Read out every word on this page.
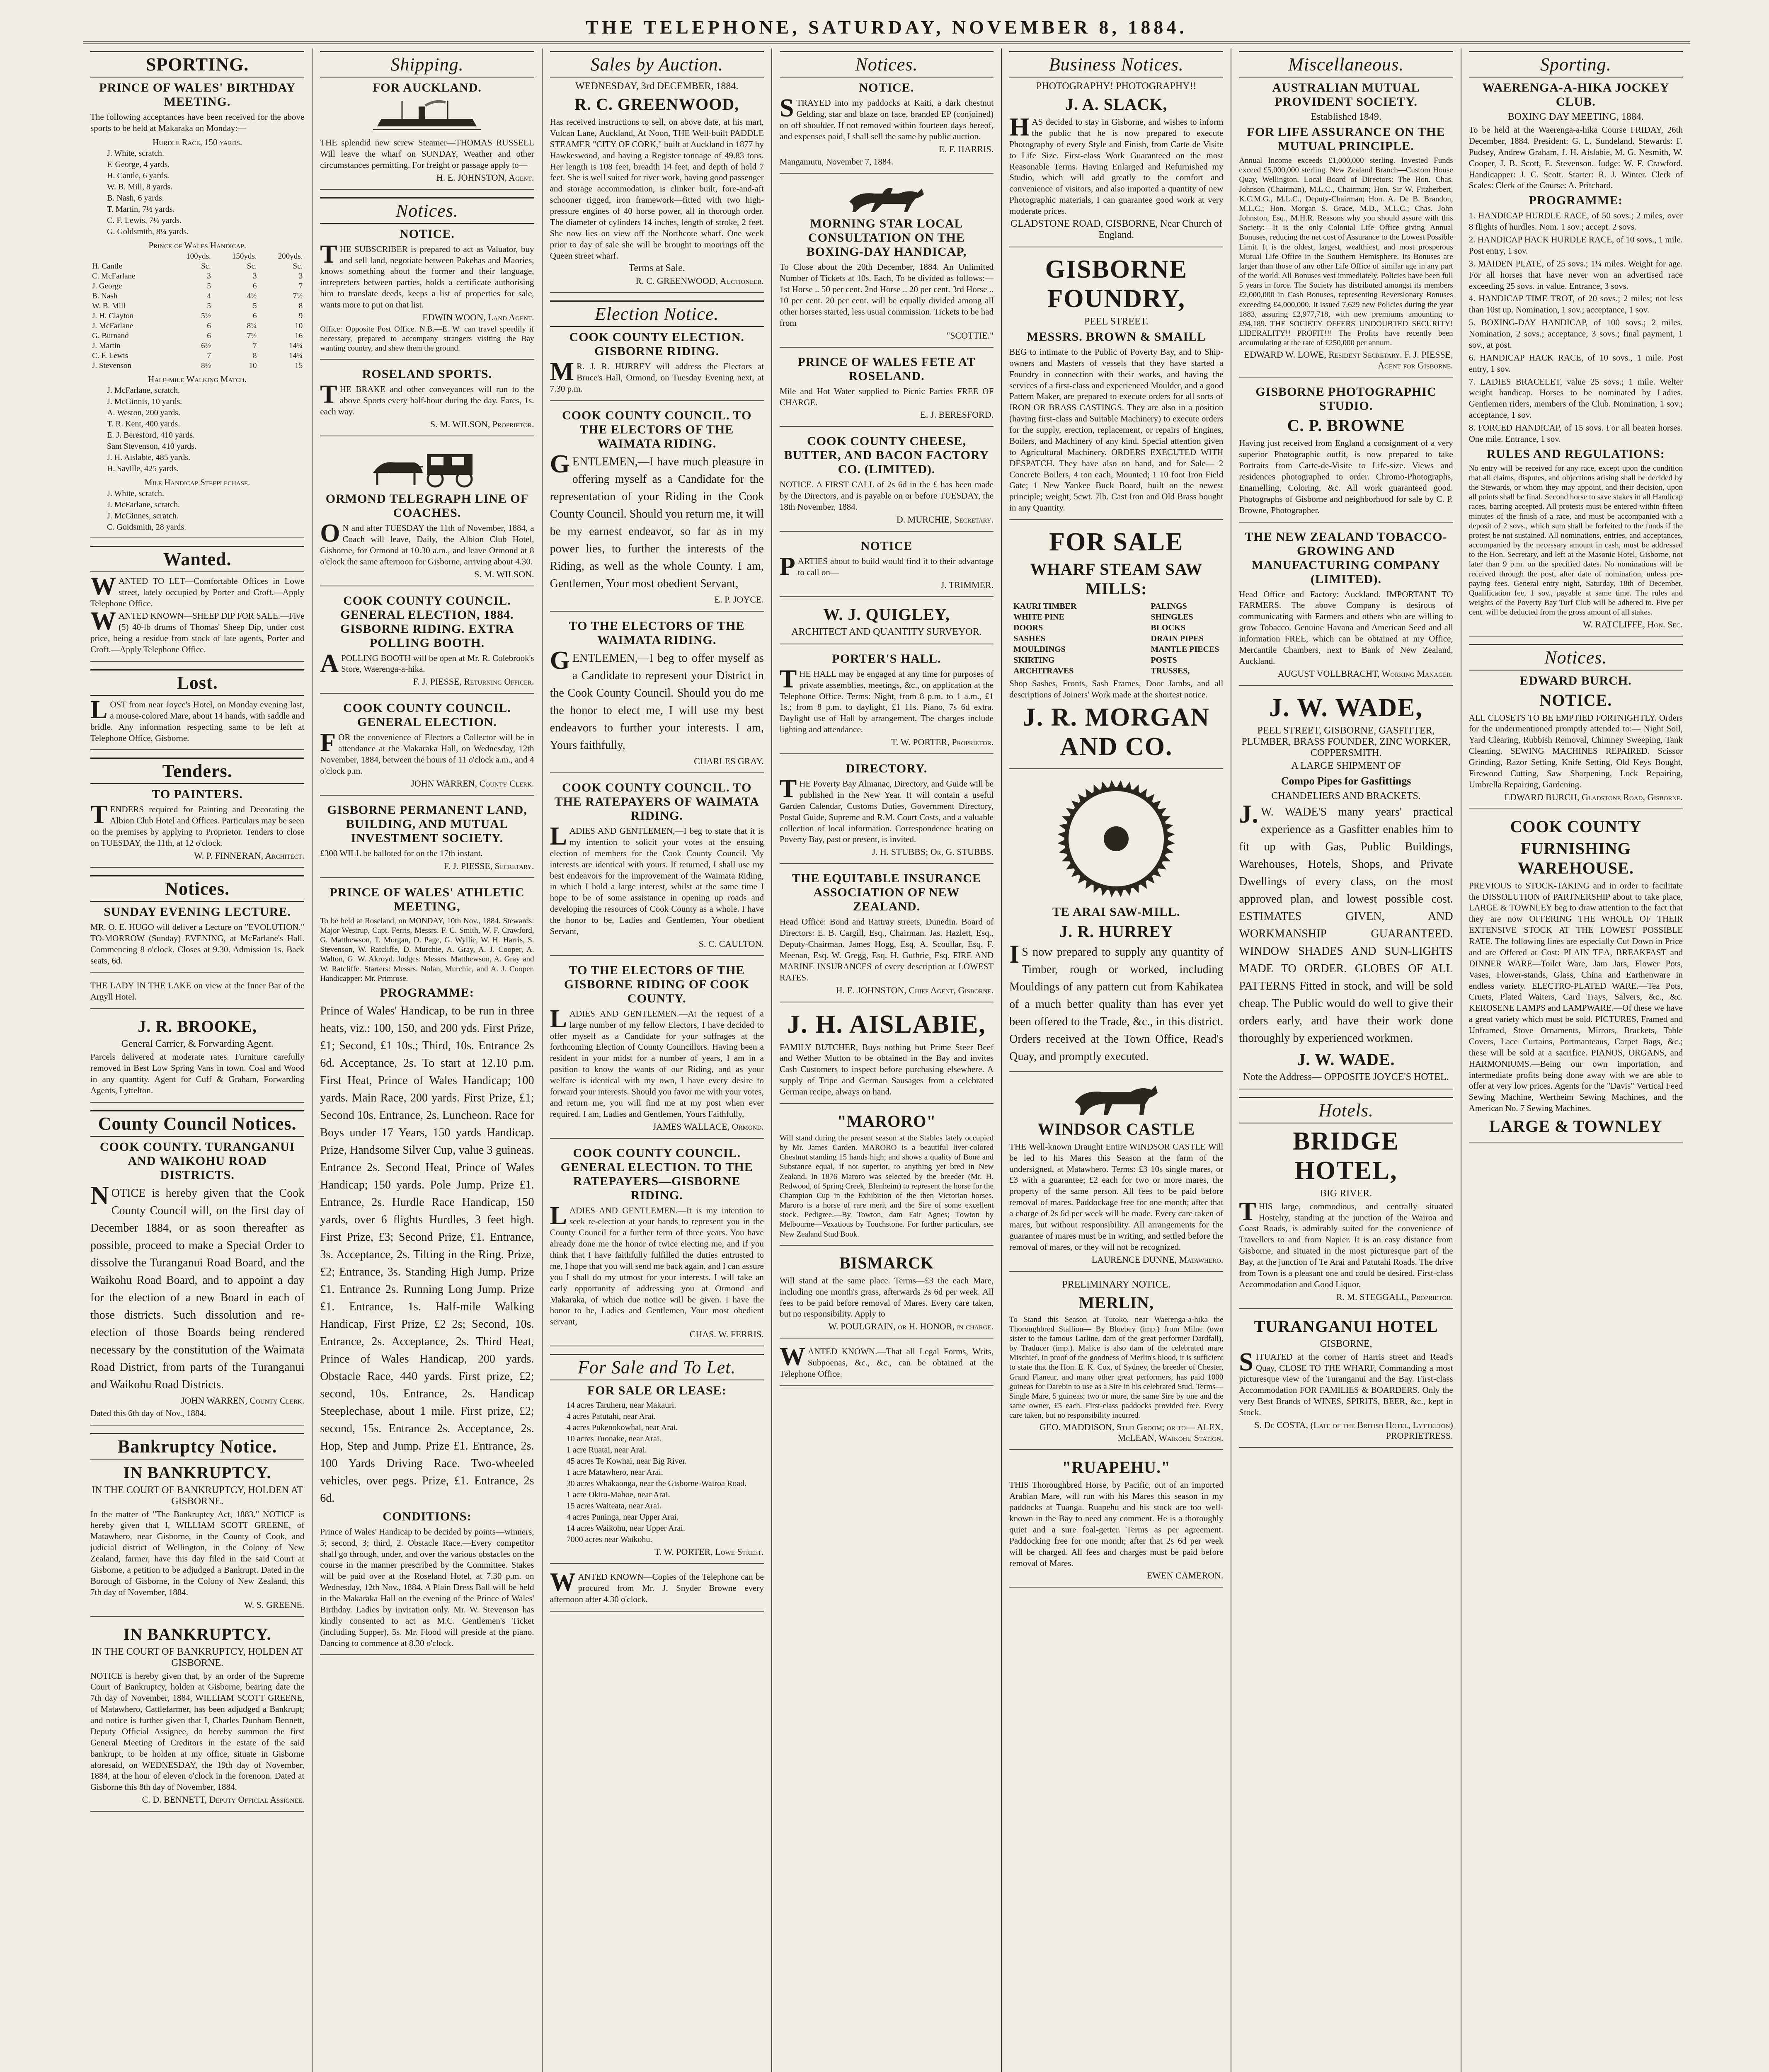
THE TELEPHONE, SATURDAY, NOVEMBER 8, 1884.
SPORTING.
PRINCE OF WALES' BIRTHDAY MEETING.
The following acceptances have been received for the above sports to be held at Makaraka on Monday:—
Hurdle Race, 150 yards.
J. White, scratch.
F. George, 4 yards.
H. Cantle, 6 yards.
W. B. Mill, 8 yards.
B. Nash, 6 yards.
T. Martin, 7½ yards.
C. F. Lewis, 7½ yards.
G. Goldsmith, 8¼ yards.
Prince of Wales Handicap.
	100yds.	150yds.	200yds.
H. Cantle	Sc.	Sc.	Sc.
C. McFarlane	3	3	3
J. George	5	6	7
B. Nash	4	4½	7½
W. B. Mill	5	5	8
J. H. Clayton	5½	6	9
J. McFarlane	6	8¼	10
G. Burnand	6	7½	16
J. Martin	6½	7	14¼
C. F. Lewis	7	8	14¼
J. Stevenson	8½	10	15
Half-mile Walking Match.
J. McFarlane, scratch.
J. McGinnis, 10 yards.
A. Weston, 200 yards.
T. R. Kent, 400 yards.
E. J. Beresford, 410 yards.
Sam Stevenson, 410 yards.
J. H. Aislabie, 485 yards.
H. Saville, 425 yards.
Mile Handicap Steeplechase.
J. White, scratch.
J. McFarlane, scratch.
J. McGinnes, scratch.
C. Goldsmith, 28 yards.
Wanted.
WANTED TO LET—Comfortable Offices in Lowe street, lately occupied by Porter and Croft.—Apply Telephone Office.
WANTED KNOWN—SHEEP DIP FOR SALE.—Five (5) 40-lb drums of Thomas' Sheep Dip, under cost price, being a residue from stock of late agents, Porter and Croft.—Apply Telephone Office.
Lost.
LOST from near Joyce's Hotel, on Monday evening last, a mouse-colored Mare, about 14 hands, with saddle and bridle. Any information respecting same to be left at Telephone Office, Gisborne.
Tenders.
TO PAINTERS.
TENDERS required for Painting and Decorating the Albion Club Hotel and Offices. Particulars may be seen on the premises by applying to Proprietor. Tenders to close on TUESDAY, the 11th, at 12 o'clock.
W. P. FINNERAN, Architect.
Notices.
SUNDAY EVENING LECTURE.
MR. O. E. HUGO will deliver a Lecture on "EVOLUTION." TO-MORROW (Sunday) EVENING, at McFarlane's Hall. Commencing 8 o'clock. Closes at 9.30. Admission 1s. Back seats, 6d.
THE LADY IN THE LAKE on view at the Inner Bar of the Argyll Hotel.
J. R. BROOKE,
General Carrier, & Forwarding Agent.
Parcels delivered at moderate rates. Furniture carefully removed in Best Low Spring Vans in town. Coal and Wood in any quantity. Agent for Cuff & Graham, Forwarding Agents, Lyttelton.
County Council Notices.
COOK COUNTY. TURANGANUI AND WAIKOHU ROAD DISTRICTS.
NOTICE is hereby given that the Cook County Council will, on the first day of December 1884, or as soon thereafter as possible, proceed to make a Special Order to dissolve the Turanganui Road Board, and the Waikohu Road Board, and to appoint a day for the election of a new Board in each of those districts. Such dissolution and re-election of those Boards being rendered necessary by the constitution of the Waimata Road District, from parts of the Turanganui and Waikohu Road Districts.
JOHN WARREN, County Clerk.
Dated this 6th day of Nov., 1884.
Bankruptcy Notice.
IN BANKRUPTCY.
IN THE COURT OF BANKRUPTCY, HOLDEN AT GISBORNE.
In the matter of "The Bankruptcy Act, 1883." NOTICE is hereby given that I, WILLIAM SCOTT GREENE, of Matawhero, near Gisborne, in the County of Cook, and judicial district of Wellington, in the Colony of New Zealand, farmer, have this day filed in the said Court at Gisborne, a petition to be adjudged a Bankrupt. Dated in the Borough of Gisborne, in the Colony of New Zealand, this 7th day of November, 1884.
W. S. GREENE.
IN BANKRUPTCY.
IN THE COURT OF BANKRUPTCY, HOLDEN AT GISBORNE.
NOTICE is hereby given that, by an order of the Supreme Court of Bankruptcy, holden at Gisborne, bearing date the 7th day of November, 1884, WILLIAM SCOTT GREENE, of Matawhero, Cattlefarmer, has been adjudged a Bankrupt; and notice is further given that I, Charles Dunham Bennett, Deputy Official Assignee, do hereby summon the first General Meeting of Creditors in the estate of the said bankrupt, to be holden at my office, situate in Gisborne aforesaid, on WEDNESDAY, the 19th day of November, 1884, at the hour of eleven o'clock in the forenoon. Dated at Gisborne this 8th day of November, 1884.
C. D. BENNETT, Deputy Official Assignee.
Shipping.
FOR AUCKLAND.
THE splendid new screw Steamer—THOMAS RUSSELL Will leave the wharf on SUNDAY, Weather and other circumstances permitting. For freight or passage apply to—
H. E. JOHNSTON, Agent.
Notices.
NOTICE.
THE SUBSCRIBER is prepared to act as Valuator, buy and sell land, negotiate between Pakehas and Maories, knows something about the former and their language, intrepreters between parties, holds a certificate authorising him to translate deeds, keeps a list of properties for sale, wants more to put on that list.
EDWIN WOON, Land Agent.
Office: Opposite Post Office. N.B.—E. W. can travel speedily if necessary, prepared to accompany strangers visiting the Bay wanting country, and shew them the ground.
ROSELAND SPORTS.
THE BRAKE and other conveyances will run to the above Sports every half-hour during the day. Fares, 1s. each way.
S. M. WILSON, Proprietor.
ORMOND TELEGRAPH LINE OF COACHES.
ON and after TUESDAY the 11th of November, 1884, a Coach will leave, Daily, the Albion Club Hotel, Gisborne, for Ormond at 10.30 a.m., and leave Ormond at 8 o'clock the same afternoon for Gisborne, arriving about 4.30.
S. M. WILSON.
COOK COUNTY COUNCIL. GENERAL ELECTION, 1884. GISBORNE RIDING. EXTRA POLLING BOOTH.
APOLLING BOOTH will be open at Mr. R. Colebrook's Store, Waerenga-a-hika.
F. J. PIESSE, Returning Officer.
COOK COUNTY COUNCIL. GENERAL ELECTION.
FOR the convenience of Electors a Collector will be in attendance at the Makaraka Hall, on Wednesday, 12th November, 1884, between the hours of 11 o'clock a.m., and 4 o'clock p.m.
JOHN WARREN, County Clerk.
GISBORNE PERMANENT LAND, BUILDING, AND MUTUAL INVESTMENT SOCIETY.
£300 WILL be balloted for on the 17th instant.
F. J. PIESSE, Secretary.
PRINCE OF WALES' ATHLETIC MEETING,
To be held at Roseland, on MONDAY, 10th Nov., 1884. Stewards: Major Westrup, Capt. Ferris, Messrs. F. C. Smith, W. F. Crawford, G. Matthewson, T. Morgan, D. Page, G. Wyllie, W. H. Harris, S. Stevenson, W. Ratcliffe, D. Murchie, A. Gray, A. J. Cooper, A. Walton, G. W. Akroyd. Judges: Messrs. Matthewson, A. Gray and W. Ratcliffe. Starters: Messrs. Nolan, Murchie, and A. J. Cooper. Handicapper: Mr. Primrose.
PROGRAMME:
Prince of Wales' Handicap, to be run in three heats, viz.: 100, 150, and 200 yds. First Prize, £1; Second, £1 10s.; Third, 10s. Entrance 2s 6d. Acceptance, 2s. To start at 12.10 p.m. First Heat, Prince of Wales Handicap; 100 yards. Main Race, 200 yards. First Prize, £1; Second 10s. Entrance, 2s. Luncheon. Race for Boys under 17 Years, 150 yards Handicap. Prize, Handsome Silver Cup, value 3 guineas. Entrance 2s. Second Heat, Prince of Wales Handicap; 150 yards. Pole Jump. Prize £1. Entrance, 2s. Hurdle Race Handicap, 150 yards, over 6 flights Hurdles, 3 feet high. First Prize, £3; Second Prize, £1. Entrance, 3s. Acceptance, 2s. Tilting in the Ring. Prize, £2; Entrance, 3s. Standing High Jump. Prize £1. Entrance 2s. Running Long Jump. Prize £1. Entrance, 1s. Half-mile Walking Handicap, First Prize, £2 2s; Second, 10s. Entrance, 2s. Acceptance, 2s. Third Heat, Prince of Wales Handicap, 200 yards. Obstacle Race, 440 yards. First prize, £2; second, 10s. Entrance, 2s. Handicap Steeplechase, about 1 mile. First prize, £2; second, 15s. Entrance 2s. Acceptance, 2s. Hop, Step and Jump. Prize £1. Entrance, 2s. 100 Yards Driving Race. Two-wheeled vehicles, over pegs. Prize, £1. Entrance, 2s 6d.
CONDITIONS:
Prince of Wales' Handicap to be decided by points—winners, 5; second, 3; third, 2. Obstacle Race.—Every competitor shall go through, under, and over the various obstacles on the course in the manner prescribed by the Committee. Stakes will be paid over at the Roseland Hotel, at 7.30 p.m. on Wednesday, 12th Nov., 1884. A Plain Dress Ball will be held in the Makaraka Hall on the evening of the Prince of Wales' Birthday. Ladies by invitation only. Mr. W. Stevenson has kindly consented to act as M.C. Gentlemen's Ticket (including Supper), 5s. Mr. Flood will preside at the piano. Dancing to commence at 8.30 o'clock.
Sales by Auction.
WEDNESDAY, 3rd DECEMBER, 1884.
R. C. GREENWOOD,
Has received instructions to sell, on above date, at his mart, Vulcan Lane, Auckland, At Noon, THE Well-built PADDLE STEAMER "CITY OF CORK," built at Auckland in 1877 by Hawkeswood, and having a Register tonnage of 49.83 tons. Her length is 108 feet, breadth 14 feet, and depth of hold 7 feet. She is well suited for river work, having good passenger and storage accommodation, is clinker built, fore-and-aft schooner rigged, iron framework—fitted with two high-pressure engines of 40 horse power, all in thorough order. The diameter of cylinders 14 inches, length of stroke, 2 feet. She now lies on view off the Northcote wharf. One week prior to day of sale she will be brought to moorings off the Queen street wharf.
Terms at Sale.
R. C. GREENWOOD, Auctioneer.
Election Notice.
COOK COUNTY ELECTION. GISBORNE RIDING.
MR. J. R. HURREY will address the Electors at Bruce's Hall, Ormond, on Tuesday Evening next, at 7.30 p.m.
COOK COUNTY COUNCIL. TO THE ELECTORS OF THE WAIMATA RIDING.
GENTLEMEN,—I have much pleasure in offering myself as a Candidate for the representation of your Riding in the Cook County Council. Should you return me, it will be my earnest endeavor, so far as in my power lies, to further the interests of the Riding, as well as the whole County. I am, Gentlemen, Your most obedient Servant,
E. P. JOYCE.
TO THE ELECTORS OF THE WAIMATA RIDING.
GENTLEMEN,—I beg to offer myself as a Candidate to represent your District in the Cook County Council. Should you do me the honor to elect me, I will use my best endeavors to further your interests. I am, Yours faithfully,
CHARLES GRAY.
COOK COUNTY COUNCIL. TO THE RATEPAYERS OF WAIMATA RIDING.
LADIES AND GENTLEMEN,—I beg to state that it is my intention to solicit your votes at the ensuing election of members for the Cook County Council. My interests are identical with yours. If returned, I shall use my best endeavors for the improvement of the Waimata Riding, in which I hold a large interest, whilst at the same time I hope to be of some assistance in opening up roads and developing the resources of Cook County as a whole. I have the honor to be, Ladies and Gentlemen, Your obedient Servant,
S. C. CAULTON.
TO THE ELECTORS OF THE GISBORNE RIDING OF COOK COUNTY.
LADIES AND GENTLEMEN.—At the request of a large number of my fellow Electors, I have decided to offer myself as a Candidate for your suffrages at the forthcoming Election of County Councillors. Having been a resident in your midst for a number of years, I am in a position to know the wants of our Riding, and as your welfare is identical with my own, I have every desire to forward your interests. Should you favor me with your votes, and return me, you will find me at my post when ever required. I am, Ladies and Gentlemen, Yours Faithfully,
JAMES WALLACE, Ormond.
COOK COUNTY COUNCIL. GENERAL ELECTION. TO THE RATEPAYERS—GISBORNE RIDING.
LADIES AND GENTLEMEN.—It is my intention to seek re-election at your hands to represent you in the County Council for a further term of three years. You have already done me the honor of twice electing me, and if you think that I have faithfully fulfilled the duties entrusted to me, I hope that you will send me back again, and I can assure you I shall do my utmost for your interests. I will take an early opportunity of addressing you at Ormond and Makaraka, of which due notice will be given. I have the honor to be, Ladies and Gentlemen, Your most obedient servant,
CHAS. W. FERRIS.
For Sale and To Let.
FOR SALE OR LEASE:
14 acres Taruheru, near Makauri.
4 acres Patutahi, near Arai.
4 acres Pukenokowhai, near Arai.
10 acres Tuonake, near Arai.
1 acre Ruatai, near Arai.
45 acres Te Kowhai, near Big River.
1 acre Matawhero, near Arai.
30 acres Whakaonga, near the Gisborne-Wairoa Road.
1 acre Okitu-Mahoe, near Arai.
15 acres Waiteata, near Arai.
4 acres Puninga, near Upper Arai.
14 acres Waikohu, near Upper Arai.
7000 acres near Waikohu.
T. W. PORTER, Lowe Street.
WANTED KNOWN—Copies of the Telephone can be procured from Mr. J. Snyder Browne every afternoon after 4.30 o'clock.
Notices.
NOTICE.
STRAYED into my paddocks at Kaiti, a dark chestnut Gelding, star and blaze on face, branded EP (conjoined) on off shoulder. If not removed within fourteen days hereof, and expenses paid, I shall sell the same by public auction.
E. F. HARRIS.
Mangamutu, November 7, 1884.
MORNING STAR LOCAL CONSULTATION ON THE BOXING-DAY HANDICAP,
To Close about the 20th December, 1884. An Unlimited Number of Tickets at 10s. Each, To be divided as follows:— 1st Horse .. 50 per cent. 2nd Horse .. 20 per cent. 3rd Horse .. 10 per cent. 20 per cent. will be equally divided among all other horses started, less usual commission. Tickets to be had from
"SCOTTIE."
PRINCE OF WALES FETE AT ROSELAND.
Mile and Hot Water supplied to Picnic Parties FREE OF CHARGE.
E. J. BERESFORD.
COOK COUNTY CHEESE, BUTTER, AND BACON FACTORY CO. (LIMITED).
NOTICE. A FIRST CALL of 2s 6d in the £ has been made by the Directors, and is payable on or before TUESDAY, the 18th November, 1884.
D. MURCHIE, Secretary.
NOTICE
PARTIES about to build would find it to their advantage to call on—
J. TRIMMER.
W. J. QUIGLEY,
ARCHITECT AND QUANTITY SURVEYOR.
PORTER'S HALL.
THE HALL may be engaged at any time for purposes of private assemblies, meetings, &c., on application at the Telephone Office. Terms: Night, from 8 p.m. to 1 a.m., £1 1s.; from 8 p.m. to daylight, £1 11s. Piano, 7s 6d extra. Daylight use of Hall by arrangement. The charges include lighting and attendance.
T. W. PORTER, Proprietor.
DIRECTORY.
THE Poverty Bay Almanac, Directory, and Guide will be published in the New Year. It will contain a useful Garden Calendar, Customs Duties, Government Directory, Postal Guide, Supreme and R.M. Court Costs, and a valuable collection of local information. Correspondence bearing on Poverty Bay, past or present, is invited.
J. H. STUBBS; Or, G. STUBBS.
THE EQUITABLE INSURANCE ASSOCIATION OF NEW ZEALAND.
Head Office: Bond and Rattray streets, Dunedin. Board of Directors: E. B. Cargill, Esq., Chairman. Jas. Hazlett, Esq., Deputy-Chairman. James Hogg, Esq. A. Scoullar, Esq. F. Meenan, Esq. W. Gregg, Esq. H. Guthrie, Esq. FIRE AND MARINE INSURANCES of every description at LOWEST RATES.
H. E. JOHNSTON, Chief Agent, Gisborne.
J. H. AISLABIE,
FAMILY BUTCHER, Buys nothing but Prime Steer Beef and Wether Mutton to be obtained in the Bay and invites Cash Customers to inspect before purchasing elsewhere. A supply of Tripe and German Sausages from a celebrated German recipe, always on hand.
"MARORO"
Will stand during the present season at the Stables lately occupied by Mr. James Carden. MARORO is a beautiful liver-colored Chestnut standing 15 hands high; and shows a quality of Bone and Substance equal, if not superior, to anything yet bred in New Zealand. In 1876 Maroro was selected by the breeder (Mr. H. Redwood, of Spring Creek, Blenheim) to represent the horse for the Champion Cup in the Exhibition of the then Victorian horses. Maroro is a horse of rare merit and the Sire of some excellent stock. Pedigree.—By Towton, dam Fair Agnes; Towton by Melbourne—Vexatious by Touchstone. For further particulars, see New Zealand Stud Book.
BISMARCK
Will stand at the same place. Terms—£3 the each Mare, including one month's grass, afterwards 2s 6d per week. All fees to be paid before removal of Mares. Every care taken, but no responsibility. Apply to
W. POULGRAIN, or H. HONOR, in charge.
WANTED KNOWN.—That all Legal Forms, Writs, Subpoenas, &c., &c., can be obtained at the Telephone Office.
Business Notices.
PHOTOGRAPHY! PHOTOGRAPHY!!
J. A. SLACK,
HAS decided to stay in Gisborne, and wishes to inform the public that he is now prepared to execute Photography of every Style and Finish, from Carte de Visite to Life Size. First-class Work Guaranteed on the most Reasonable Terms. Having Enlarged and Refurnished my Studio, which will add greatly to the comfort and convenience of visitors, and also imported a quantity of new Photographic materials, I can guarantee good work at very moderate prices.
GLADSTONE ROAD, GISBORNE, Near Church of England.
GISBORNE FOUNDRY,
PEEL STREET.
MESSRS. BROWN & SMAILL
BEG to intimate to the Public of Poverty Bay, and to Ship-owners and Masters of vessels that they have started a Foundry in connection with their works, and having the services of a first-class and experienced Moulder, and a good Pattern Maker, are prepared to execute orders for all sorts of IRON OR BRASS CASTINGS. They are also in a position (having first-class and Suitable Machinery) to execute orders for the supply, erection, replacement, or repairs of Engines, Boilers, and Machinery of any kind. Special attention given to Agricultural Machinery. ORDERS EXECUTED WITH DESPATCH. They have also on hand, and for Sale— 2 Concrete Boilers, 4 ton each, Mounted; 1 10 foot Iron Field Gate; 1 New Yankee Buck Board, built on the newest principle; weight, 5cwt. 7lb. Cast Iron and Old Brass bought in any Quantity.
FOR SALE
WHARF STEAM SAW MILLS:
KAURI TIMBER
WHITE PINE
DOORS
SASHES
MOULDINGS
SKIRTING
ARCHITRAVES
PALINGS
SHINGLES
BLOCKS
DRAIN PIPES
MANTLE PIECES
POSTS
TRUSSES,
Shop Sashes, Fronts, Sash Frames, Door Jambs, and all descriptions of Joiners' Work made at the shortest notice.
J. R. MORGAN AND CO.
TE ARAI SAW-MILL.
J. R. HURREY
IS now prepared to supply any quantity of Timber, rough or worked, including Mouldings of any pattern cut from Kahikatea of a much better quality than has ever yet been offered to the Trade, &c., in this district. Orders received at the Town Office, Read's Quay, and promptly executed.
WINDSOR CASTLE
THE Well-known Draught Entire WINDSOR CASTLE Will be led to his Mares this Season at the farm of the undersigned, at Matawhero. Terms: £3 10s single mares, or £3 with a guarantee; £2 each for two or more mares, the property of the same person. All fees to be paid before removal of mares. Paddockage free for one month; after that a charge of 2s 6d per week will be made. Every care taken of mares, but without responsibility. All arrangements for the guarantee of mares must be in writing, and settled before the removal of mares, or they will not be recognized.
LAURENCE DUNNE, Matawhero.
PRELIMINARY NOTICE.
MERLIN,
To Stand this Season at Tutoko, near Waerenga-a-hika the Thoroughbred Stallion— By Bluebey (imp.) from Milne (own sister to the famous Larline, dam of the great performer Dardfall), by Traducer (imp.). Malice is also dam of the celebrated mare Mischief. In proof of the goodness of Merlin's blood, it is sufficient to state that the Hon. E. K. Cox, of Sydney, the breeder of Chester, Grand Flaneur, and many other great performers, has paid 1000 guineas for Darebin to use as a Sire in his celebrated Stud. Terms—Single Mare, 5 guineas; two or more, the same Sire by one and the same owner, £5 each. First-class paddocks provided free. Every care taken, but no responsibility incurred.
GEO. MADDISON, Stud Groom; or to— ALEX. McLEAN, Waikohu Station.
"RUAPEHU."
THIS Thoroughbred Horse, by Pacific, out of an imported Arabian Mare, will run with his Mares this season in my paddocks at Tuanga. Ruapehu and his stock are too well-known in the Bay to need any comment. He is a thoroughly quiet and a sure foal-getter. Terms as per agreement. Paddocking free for one month; after that 2s 6d per week will be charged. All fees and charges must be paid before removal of Mares.
EWEN CAMERON.
Miscellaneous.
AUSTRALIAN MUTUAL PROVIDENT SOCIETY.
Established 1849.
FOR LIFE ASSURANCE ON THE MUTUAL PRINCIPLE.
Annual Income exceeds £1,000,000 sterling. Invested Funds exceed £5,000,000 sterling. New Zealand Branch—Custom House Quay, Wellington. Local Board of Directors: The Hon. Chas. Johnson (Chairman), M.L.C., Chairman; Hon. Sir W. Fitzherbert, K.C.M.G., M.L.C., Deputy-Chairman; Hon. A. De B. Brandon, M.L.C.; Hon. Morgan S. Grace, M.D., M.L.C.; Chas. John Johnston, Esq., M.H.R. Reasons why you should assure with this Society:—It is the only Colonial Life Office giving Annual Bonuses, reducing the net cost of Assurance to the Lowest Possible Limit. It is the oldest, largest, wealthiest, and most prosperous Mutual Life Office in the Southern Hemisphere. Its Bonuses are larger than those of any other Life Office of similar age in any part of the world. All Bonuses vest immediately. Policies have been full 5 years in force. The Society has distributed amongst its members £2,000,000 in Cash Bonuses, representing Reversionary Bonuses exceeding £4,000,000. It issued 7,629 new Policies during the year 1883, assuring £2,977,718, with new premiums amounting to £94,189. THE SOCIETY OFFERS UNDOUBTED SECURITY! LIBERALITY!! PROFIT!!! The Profits have recently been accumulating at the rate of £250,000 per annum.
EDWARD W. LOWE, Resident Secretary. F. J. PIESSE, Agent for Gisborne.
GISBORNE PHOTOGRAPHIC STUDIO.
C. P. BROWNE
Having just received from England a consignment of a very superior Photographic outfit, is now prepared to take Portraits from Carte-de-Visite to Life-size. Views and residences photographed to order. Chromo-Photographs, Enamelling, Coloring, &c. All work guaranteed good. Photographs of Gisborne and neighborhood for sale by C. P. Browne, Photographer.
THE NEW ZEALAND TOBACCO-GROWING AND MANUFACTURING COMPANY (LIMITED).
Head Office and Factory: Auckland. IMPORTANT TO FARMERS. The above Company is desirous of communicating with Farmers and others who are willing to grow Tobacco. Genuine Havana and American Seed and all information FREE, which can be obtained at my Office, Mercantile Chambers, next to Bank of New Zealand, Auckland.
AUGUST VOLLBRACHT, Working Manager.
J. W. WADE,
PEEL STREET, GISBORNE, GASFITTER, PLUMBER, BRASS FOUNDER, ZINC WORKER, COPPERSMITH.
A LARGE SHIPMENT OF
Compo Pipes for Gasfittings
CHANDELIERS AND BRACKETS.
J.W. WADE'S many years' practical experience as a Gasfitter enables him to fit up with Gas, Public Buildings, Warehouses, Hotels, Shops, and Private Dwellings of every class, on the most approved plan, and lowest possible cost. ESTIMATES GIVEN, AND WORKMANSHIP GUARANTEED. WINDOW SHADES AND SUN-LIGHTS MADE TO ORDER. GLOBES OF ALL PATTERNS Fitted in stock, and will be sold cheap. The Public would do well to give their orders early, and have their work done thoroughly by experienced workmen.
J. W. WADE.
Note the Address— OPPOSITE JOYCE'S HOTEL.
Hotels.
BRIDGE HOTEL,
BIG RIVER.
THIS large, commodious, and centrally situated Hostelry, standing at the junction of the Wairoa and Coast Roads, is admirably suited for the convenience of Travellers to and from Napier. It is an easy distance from Gisborne, and situated in the most picturesque part of the Bay, at the junction of Te Arai and Patutahi Roads. The drive from Town is a pleasant one and could be desired. First-class Accommodation and Good Liquor.
R. M. STEGGALL, Proprietor.
TURANGANUI HOTEL
GISBORNE,
SITUATED at the corner of Harris street and Read's Quay, CLOSE TO THE WHARF, Commanding a most picturesque view of the Turanganui and the Bay. First-class Accommodation FOR FAMILIES & BOARDERS. Only the very Best Brands of WINES, SPIRITS, BEER, &c., kept in Stock.
S. De COSTA, (Late of the British Hotel, Lyttelton) PROPRIETRESS.
Sporting.
WAERENGA-A-HIKA JOCKEY CLUB.
BOXING DAY MEETING, 1884.
To be held at the Waerenga-a-hika Course FRIDAY, 26th December, 1884. President: G. L. Sundeland. Stewards: F. Pudsey, Andrew Graham, J. H. Aislabie, M. G. Nesmith, W. Cooper, J. B. Scott, E. Stevenson. Judge: W. F. Crawford. Handicapper: J. C. Scott. Starter: R. J. Winter. Clerk of Scales: Clerk of the Course: A. Pritchard.
PROGRAMME:
1. HANDICAP HURDLE RACE, of 50 sovs.; 2 miles, over 8 flights of hurdles. Nom. 1 sov.; accept. 2 sovs.
2. HANDICAP HACK HURDLE RACE, of 10 sovs., 1 mile. Post entry, 1 sov.
3. MAIDEN PLATE, of 25 sovs.; 1¼ miles. Weight for age. For all horses that have never won an advertised race exceeding 25 sovs. in value. Entrance, 3 sovs.
4. HANDICAP TIME TROT, of 20 sovs.; 2 miles; not less than 10st up. Nomination, 1 sov.; acceptance, 1 sov.
5. BOXING-DAY HANDICAP, of 100 sovs.; 2 miles. Nomination, 2 sovs.; acceptance, 3 sovs.; final payment, 1 sov., at post.
6. HANDICAP HACK RACE, of 10 sovs., 1 mile. Post entry, 1 sov.
7. LADIES BRACELET, value 25 sovs.; 1 mile. Welter weight handicap. Horses to be nominated by Ladies. Gentlemen riders, members of the Club. Nomination, 1 sov.; acceptance, 1 sov.
8. FORCED HANDICAP, of 15 sovs. For all beaten horses. One mile. Entrance, 1 sov.
RULES AND REGULATIONS:
No entry will be received for any race, except upon the condition that all claims, disputes, and objections arising shall be decided by the Stewards, or whom they may appoint, and their decision, upon all points shall be final. Second horse to save stakes in all Handicap races, barring accepted. All protests must be entered within fifteen minutes of the finish of a race, and must be accompanied with a deposit of 2 sovs., which sum shall be forfeited to the funds if the protest be not sustained. All nominations, entries, and acceptances, accompanied by the necessary amount in cash, must be addressed to the Hon. Secretary, and left at the Masonic Hotel, Gisborne, not later than 9 p.m. on the specified dates. No nominations will be received through the post, after date of nomination, unless pre-paying fees. General entry night, Saturday, 18th of December. Qualification fee, 1 sov., payable at same time. The rules and weights of the Poverty Bay Turf Club will be adhered to. Five per cent. will be deducted from the gross amount of all stakes.
W. RATCLIFFE, Hon. Sec.
Notices.
EDWARD BURCH.
NOTICE.
ALL CLOSETS TO BE EMPTIED FORTNIGHTLY. Orders for the undermentioned promptly attended to:— Night Soil, Yard Clearing, Rubbish Removal, Chimney Sweeping, Tank Cleaning. SEWING MACHINES REPAIRED. Scissor Grinding, Razor Setting, Knife Setting, Old Keys Bought, Firewood Cutting, Saw Sharpening, Lock Repairing, Umbrella Repairing, Gardening.
EDWARD BURCH, Gladstone Road, Gisborne.
COOK COUNTY
FURNISHING WAREHOUSE.
PREVIOUS to STOCK-TAKING and in order to facilitate the DISSOLUTION of PARTNERSHIP about to take place, LARGE & TOWNLEY beg to draw attention to the fact that they are now OFFERING THE WHOLE OF THEIR EXTENSIVE STOCK AT THE LOWEST POSSIBLE RATE. The following lines are especially Cut Down in Price and are Offered at Cost: PLAIN TEA, BREAKFAST and DINNER WARE—Toilet Ware, Jam Jars, Flower Pots, Vases, Flower-stands, Glass, China and Earthenware in endless variety. ELECTRO-PLATED WARE.—Tea Pots, Cruets, Plated Waiters, Card Trays, Salvers, &c., &c. KEROSENE LAMPS and LAMPWARE.—Of these we have a great variety which must be sold. PICTURES, Framed and Unframed, Stove Ornaments, Mirrors, Brackets, Table Covers, Lace Curtains, Portmanteaus, Carpet Bags, &c.; these will be sold at a sacrifice. PIANOS, ORGANS, and HARMONIUMS.—Being our own importation, and intermediate profits being done away with we are able to offer at very low prices. Agents for the "Davis" Vertical Feed Sewing Machine, Wertheim Sewing Machines, and the American No. 7 Sewing Machines.
LARGE & TOWNLEY
